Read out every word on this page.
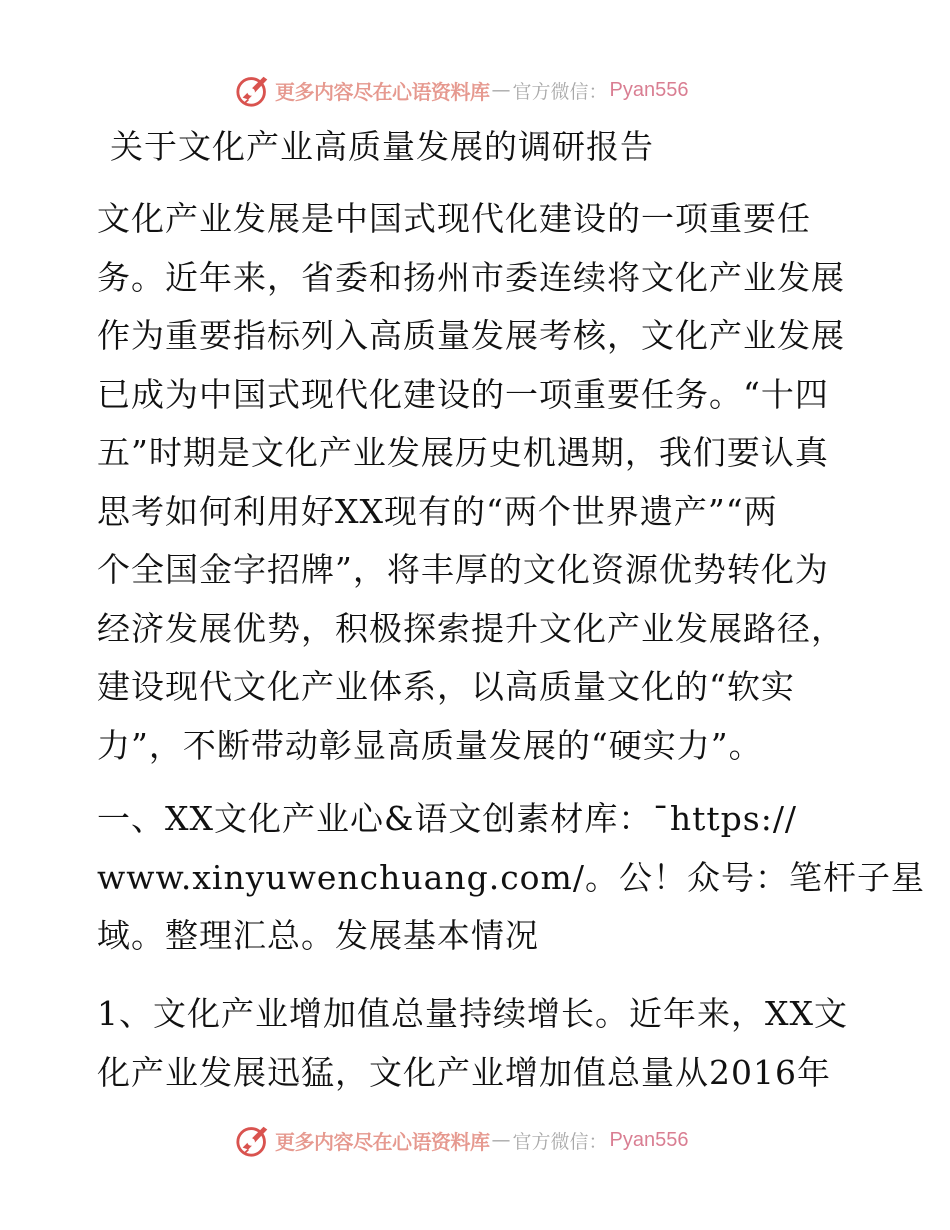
更多内容尽在心语资料库 — 官方微信： Pyan556
关于文化产业高质量发展的调研报告
文化产业发展是中国式现代化建设的一项重要任
务。近年来，省委和扬州市委连续将文化产业发展
作为重要指标列入高质量发展考核，文化产业发展
已成为中国式现代化建设的一项重要任务。“十四
五”时期是文化产业发展历史机遇期，我们要认真
思考如何利用好XX现有的“两个世界遗产”“两
个全国金字招牌”，将丰厚的文化资源优势转化为
经济发展优势，积极探索提升文化产业发展路径，
建设现代文化产业体系，以高质量文化的“软实
力”，不断带动彰显高质量发展的“硬实力”。
一、XX文化产业心&语文创素材库：¯https://
www.xinyuwenchuang.com/。公！众号：笔杆子星
域。整理汇总。发展基本情况
1、文化产业增加值总量持续增长。近年来，XX文
化产业发展迅猛，文化产业增加值总量从2016年
更多内容尽在心语资料库 — 官方微信： Pyan556
